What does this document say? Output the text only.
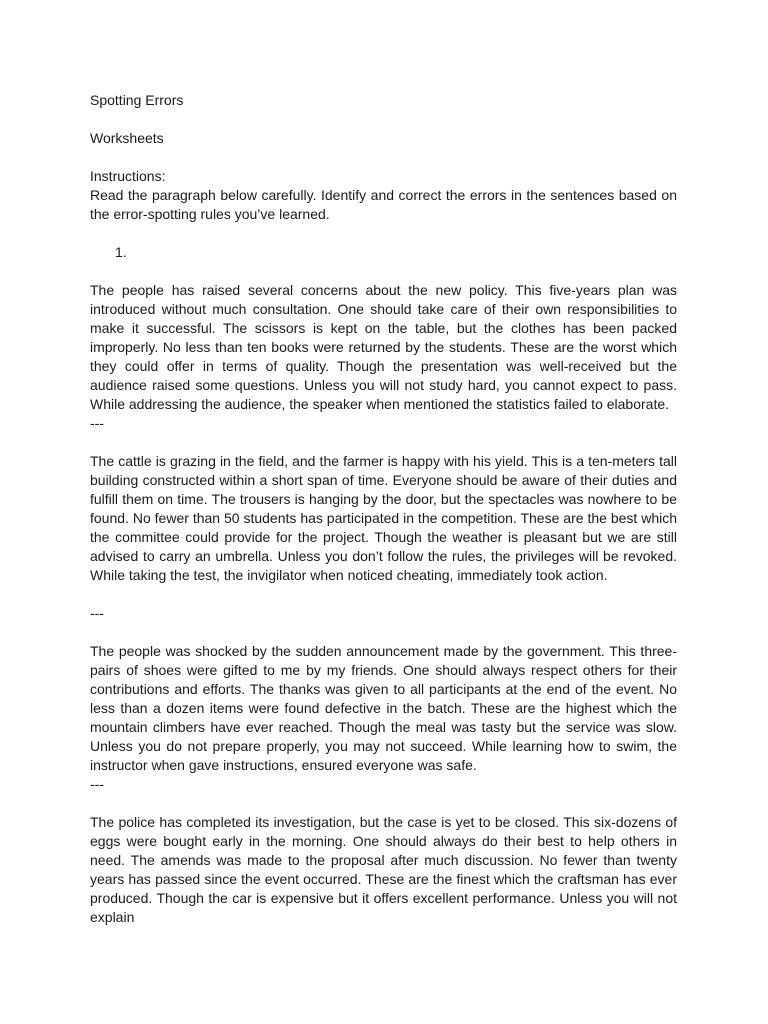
Spotting Errors

Worksheets

Instructions:

Read the paragraph below carefully. Identify and correct the errors in the sentences based on the error-spotting rules you’ve learned.

1.

The people has raised several concerns about the new policy. This five-years plan was introduced without much consultation. One should take care of their own responsibilities to make it successful. The scissors is kept on the table, but the clothes has been packed improperly. No less than ten books were returned by the students. These are the worst which they could offer in terms of quality. Though the presentation was well-received but the audience raised some questions. Unless you will not study hard, you cannot expect to pass. While addressing the audience, the speaker when mentioned the statistics failed to elaborate.

---

The cattle is grazing in the field, and the farmer is happy with his yield. This is a ten-meters tall building constructed within a short span of time. Everyone should be aware of their duties and fulfill them on time. The trousers is hanging by the door, but the spectacles was nowhere to be found. No fewer than 50 students has participated in the competition. These are the best which the committee could provide for the project. Though the weather is pleasant but we are still advised to carry an umbrella. Unless you don’t follow the rules, the privileges will be revoked. While taking the test, the invigilator when noticed cheating, immediately took action.

---

The people was shocked by the sudden announcement made by the government. This three-pairs of shoes were gifted to me by my friends. One should always respect others for their contributions and efforts. The thanks was given to all participants at the end of the event. No less than a dozen items were found defective in the batch. These are the highest which the mountain climbers have ever reached. Though the meal was tasty but the service was slow. Unless you do not prepare properly, you may not succeed. While learning how to swim, the instructor when gave instructions, ensured everyone was safe.

---

The police has completed its investigation, but the case is yet to be closed. This six-dozens of eggs were bought early in the morning. One should always do their best to help others in need. The amends was made to the proposal after much discussion. No fewer than twenty years has passed since the event occurred. These are the finest which the craftsman has ever produced. Though the car is expensive but it offers excellent performance. Unless you will not explain
